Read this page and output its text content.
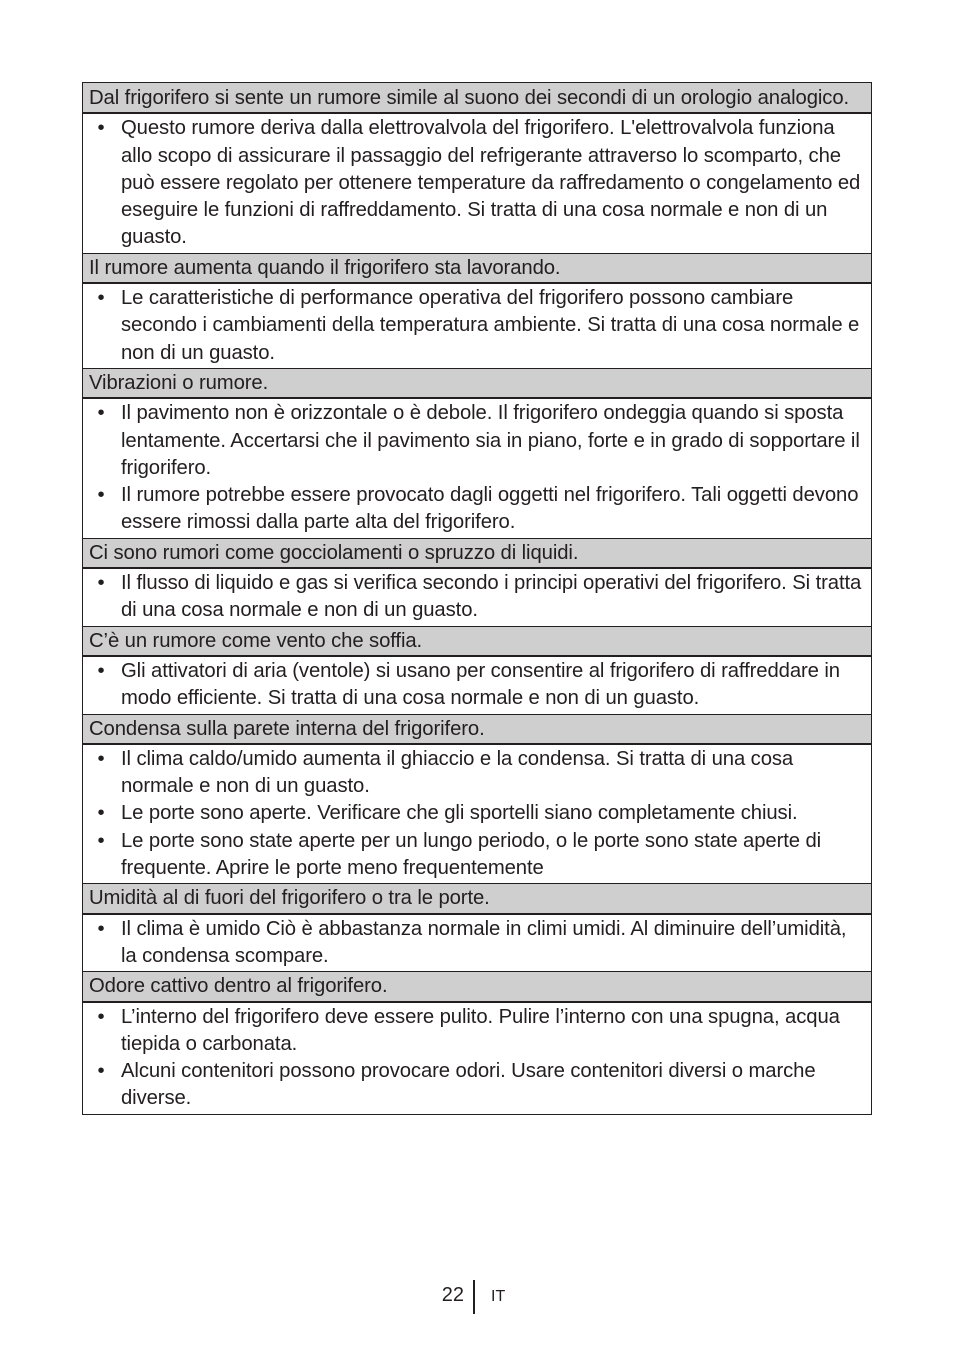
Dal frigorifero si sente un rumore simile al suono dei secondi di un orologio analogico.

• Questo rumore deriva dalla elettrovalvola del frigorifero. L'elettrovalvola funziona allo scopo di assicurare il passaggio del refrigerante attraverso lo scomparto, che può essere regolato per ottenere temperature da raffredamento o congelamento ed eseguire le funzioni di raffreddamento. Si tratta di una cosa normale e non di un guasto.

Il rumore aumenta quando il frigorifero sta lavorando.

• Le caratteristiche di performance operativa del frigorifero possono cambiare secondo i cambiamenti della temperatura ambiente. Si tratta di una cosa normale e non di un guasto.

Vibrazioni o rumore.

• Il pavimento non è orizzontale o è debole. Il frigorifero ondeggia quando si sposta lentamente. Accertarsi che il pavimento sia in piano, forte e in grado di sopportare il frigorifero.
• Il rumore potrebbe essere provocato dagli oggetti nel frigorifero. Tali oggetti devono essere rimossi dalla parte alta del frigorifero.

Ci sono rumori come gocciolamenti o spruzzo di liquidi.

• Il flusso di liquido e gas si verifica secondo i principi operativi del frigorifero. Si tratta di una cosa normale e non di un guasto.

C’è un rumore come vento che soffia.

• Gli attivatori di aria (ventole) si usano per consentire al frigorifero di raffreddare in modo efficiente. Si tratta di una cosa normale e non di un guasto.

Condensa sulla parete interna del frigorifero.

• Il clima caldo/umido aumenta il ghiaccio e la condensa. Si tratta di una cosa normale e non di un guasto.
• Le porte sono aperte. Verificare che gli sportelli siano completamente chiusi.
• Le porte sono state aperte per un lungo periodo, o le porte sono state aperte di frequente. Aprire le porte meno frequentemente

Umidità al di fuori del frigorifero o tra le porte.

• Il clima è umido Ciò è abbastanza normale in climi umidi. Al diminuire dell’umidità, la condensa scompare.

Odore cattivo dentro al frigorifero.

• L’interno del frigorifero deve essere pulito. Pulire l’interno con una spugna, acqua tiepida o carbonata.
• Alcuni contenitori possono provocare odori. Usare contenitori diversi o marche diverse.
22 IT
